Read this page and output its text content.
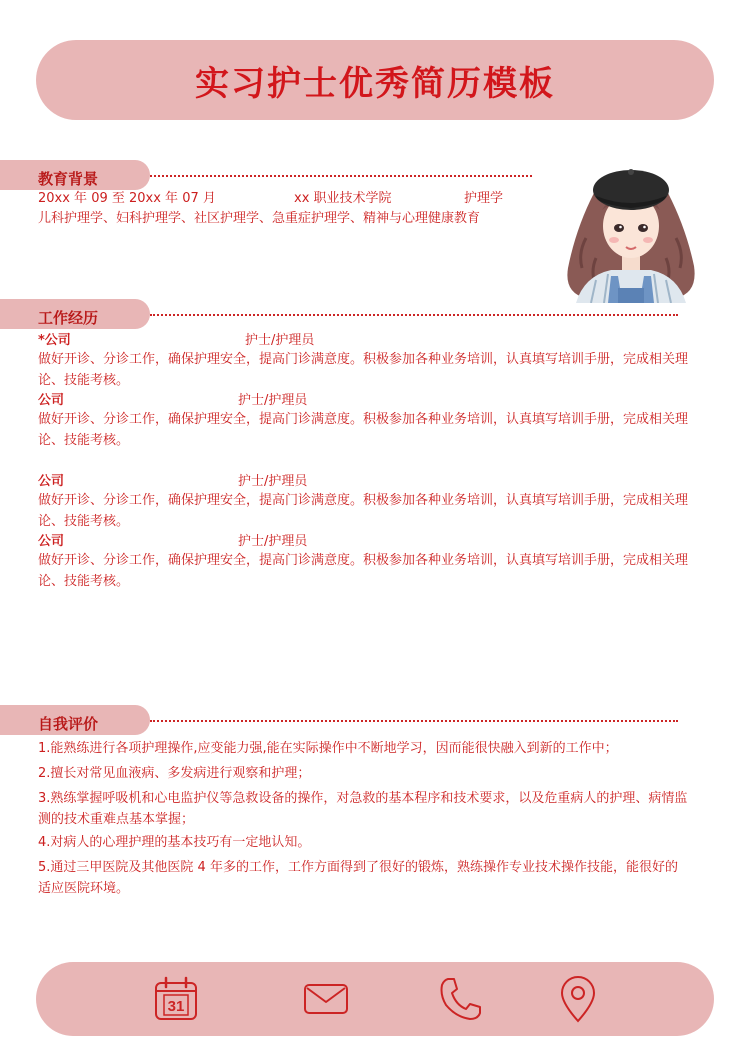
实习护士优秀简历模板
教育背景
20xx 年 09 至 20xx 年 07 月	xx 职业技术学院	护理学
儿科护理学、妇科护理学、社区护理学、急重症护理学、精神与心理健康教育
工作经历
*公司	护士/护理员
做好开诊、分诊工作，确保护理安全，提高门诊满意度。积极参加各种业务培训，认真填写培训手册，完成相关理论、技能考核。
公司	护士/护理员
做好开诊、分诊工作，确保护理安全，提高门诊满意度。积极参加各种业务培训，认真填写培训手册，完成相关理论、技能考核。
公司	护士/护理员
做好开诊、分诊工作，确保护理安全，提高门诊满意度。积极参加各种业务培训，认真填写培训手册，完成相关理论、技能考核。
公司	护士/护理员
做好开诊、分诊工作，确保护理安全，提高门诊满意度。积极参加各种业务培训，认真填写培训手册，完成相关理论、技能考核。
自我评价
1.能熟练进行各项护理操作,应变能力强,能在实际操作中不断地学习，因而能很快融入到新的工作中；
2.擅长对常见血液病、多发病进行观察和护理；
3.熟练掌握呼吸机和心电监护仪等急救设备的操作，对急救的基本程序和技术要求，以及危重病人的护理、病情监测的技术重难点基本掌握；
4.对病人的心理护理的基本技巧有一定地认知。
5.通过三甲医院及其他医院 4 年多的工作，工作方面得到了很好的锻炼，熟练操作专业技术操作技能，能很好的适应医院环境。
31
